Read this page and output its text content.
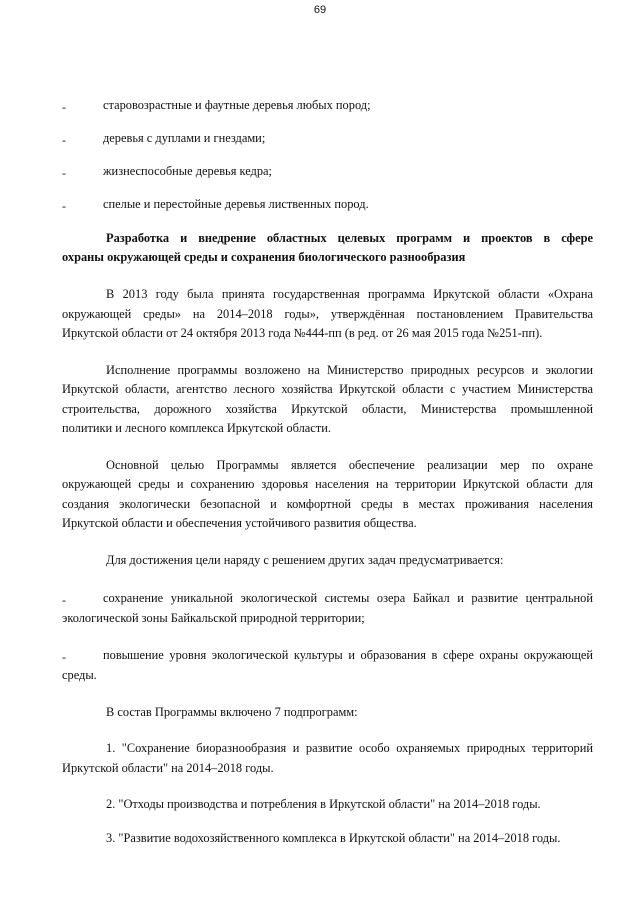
69
-	старовозрастные и фаутные деревья любых пород;
-	деревья с дуплами и гнездами;
-	жизнеспособные деревья кедра;
-	спелые и перестойные деревья лиственных пород.
Разработка и внедрение областных целевых программ и проектов в сфере
охраны окружающей среды и сохранения биологического разнообразия
В 2013 году была принята государственная программа Иркутской области «Охрана
окружающей среды» на 2014–2018 годы», утверждённая постановлением Правительства
Иркутской области от 24 октября 2013 года №444-пп (в ред. от 26 мая 2015 года №251-пп).
Исполнение программы возложено на Министерство природных ресурсов и экологии
Иркутской области, агентство лесного хозяйства Иркутской области с участием Министерства
строительства, дорожного хозяйства Иркутской области, Министерства промышленной
политики и лесного комплекса Иркутской области.
Основной целью Программы является обеспечение реализации мер по охране
окружающей среды и сохранению здоровья населения на территории Иркутской области для
создания экологически безопасной и комфортной среды в местах проживания населения
Иркутской области и обеспечения устойчивого развития общества.
Для достижения цели наряду с решением других задач предусматривается:
-	сохранение уникальной экологической системы озера Байкал и развитие центральной
экологической зоны Байкальской природной территории;
-	повышение уровня экологической культуры и образования в сфере охраны окружающей
среды.
В состав Программы включено 7 подпрограмм:
1. "Сохранение биоразнообразия и развитие особо охраняемых природных территорий
Иркутской области" на 2014–2018 годы.
2. "Отходы производства и потребления в Иркутской области" на 2014–2018 годы.
3. "Развитие водохозяйственного комплекса в Иркутской области" на 2014–2018 годы.
